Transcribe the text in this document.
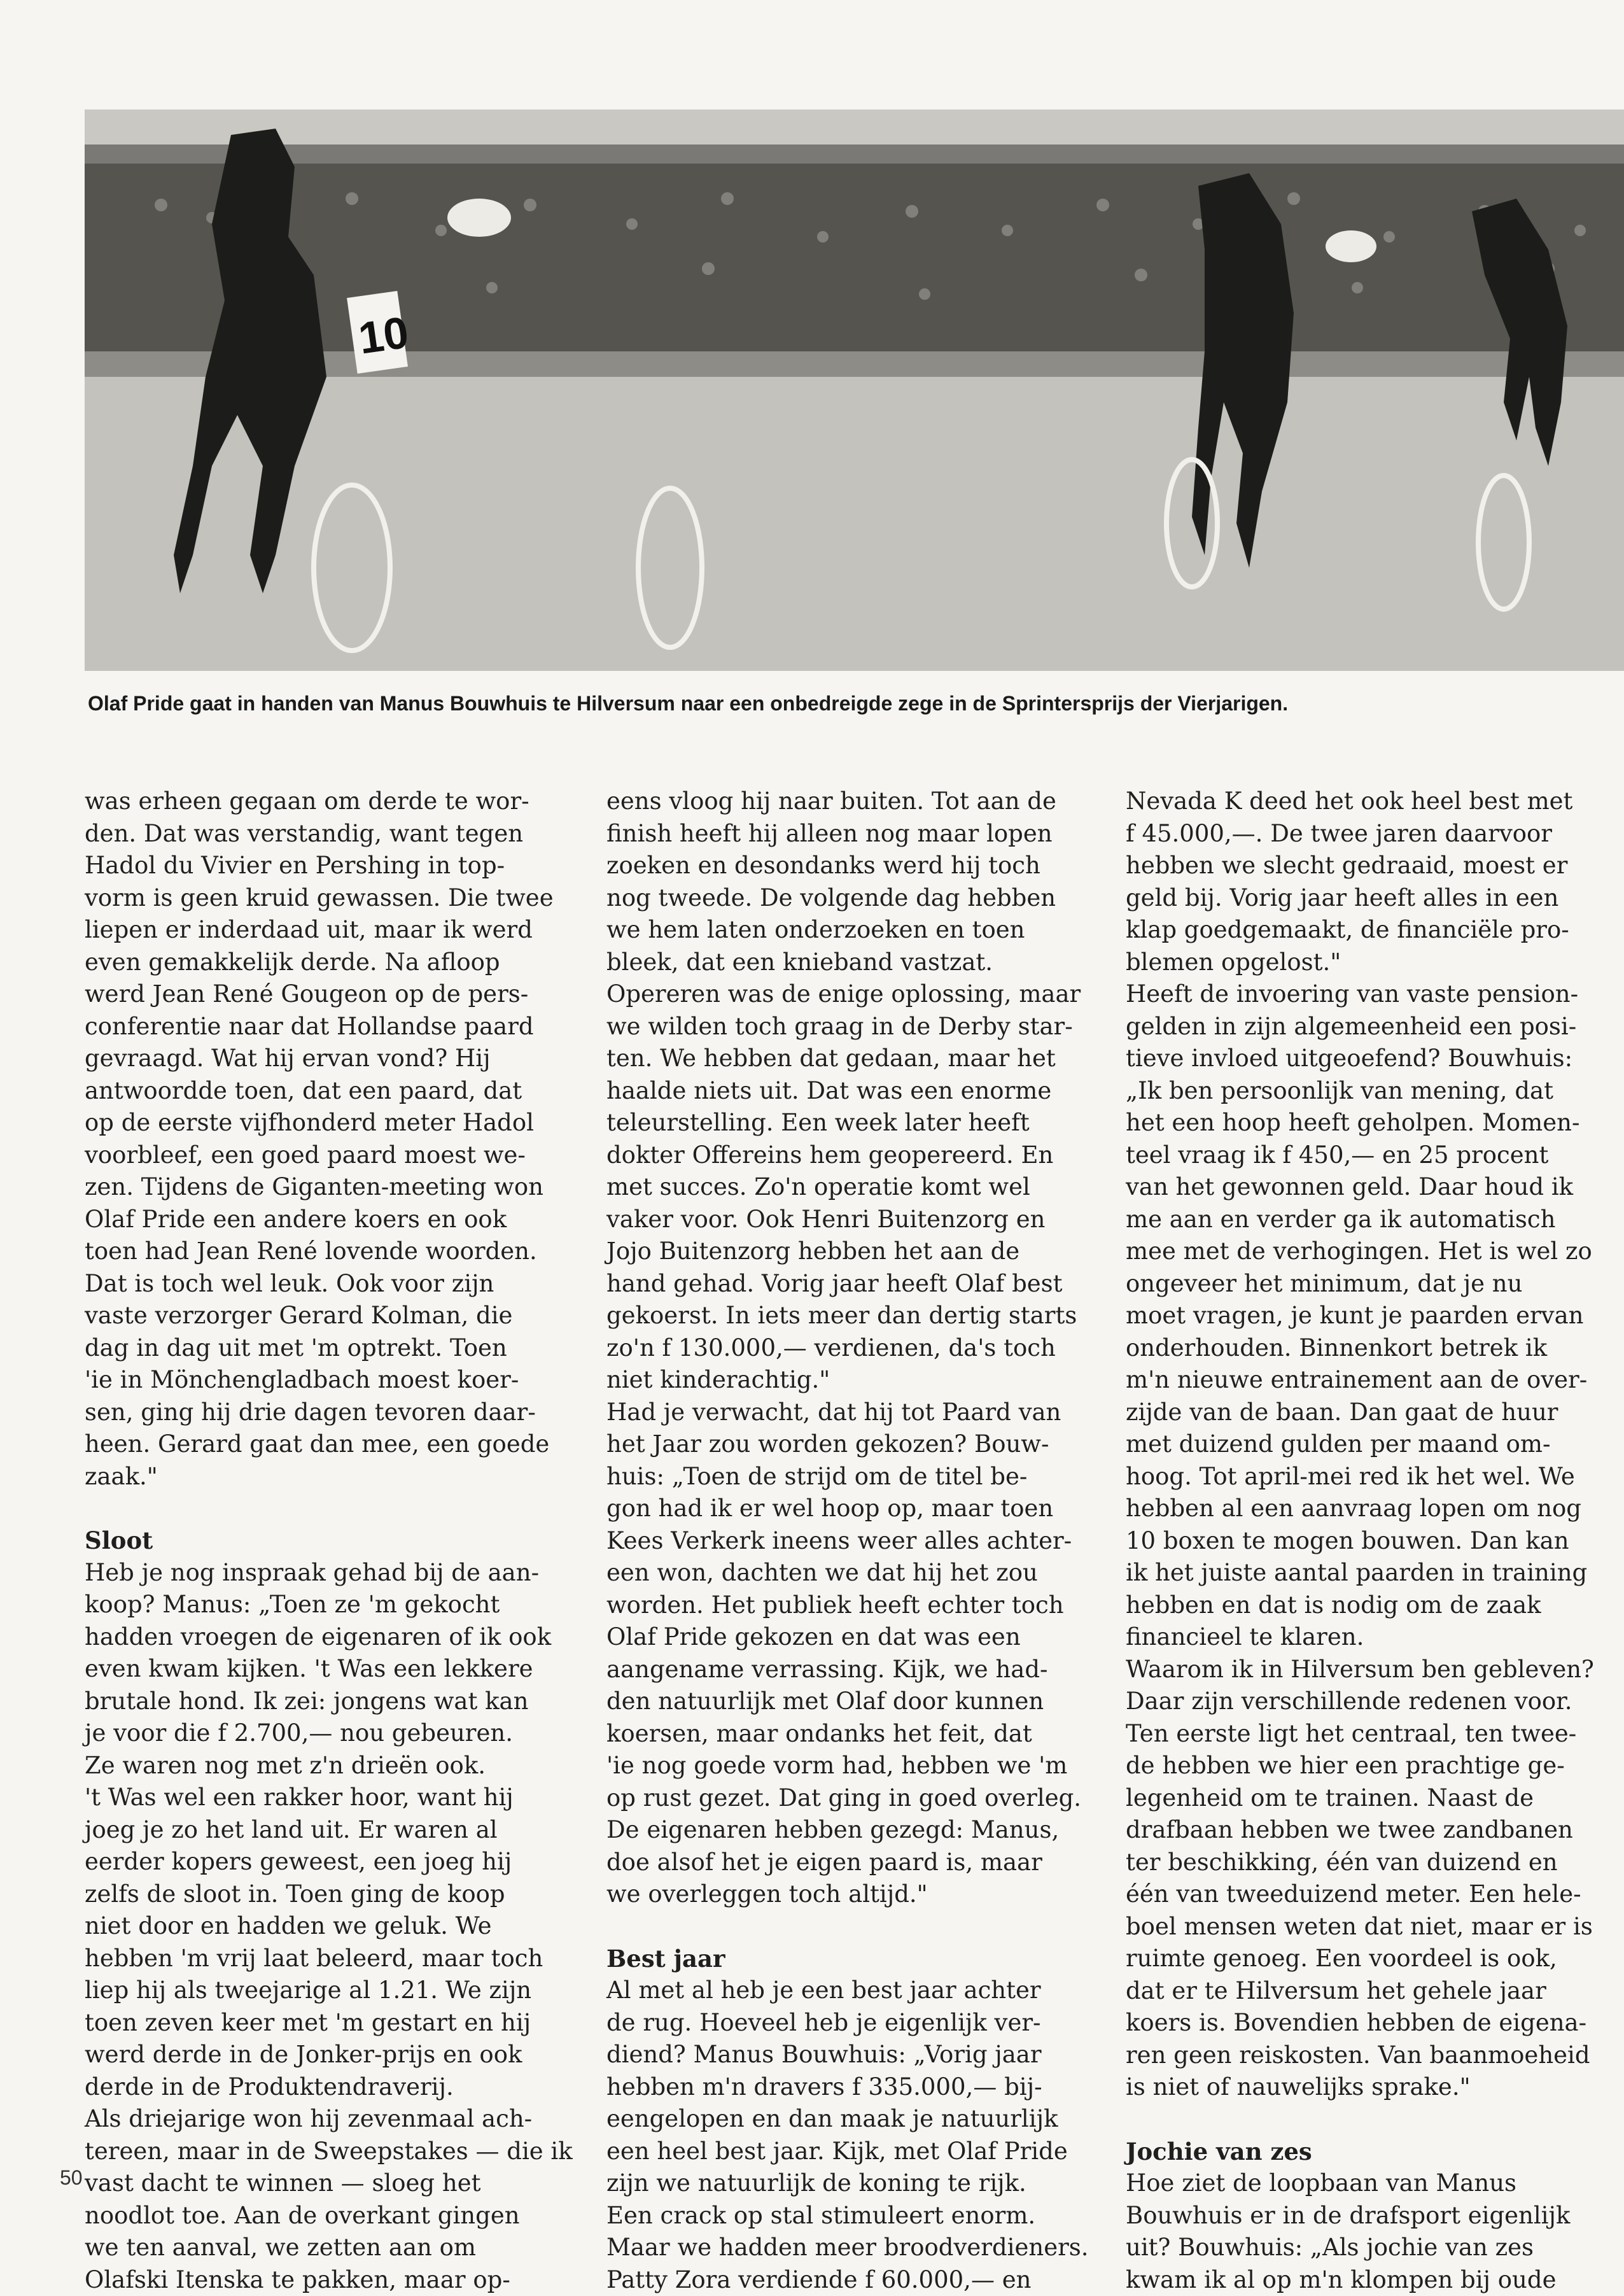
10
Olaf Pride gaat in handen van Manus Bouwhuis te Hilversum naar een onbedreigde zege in de Sprintersprijs der Vierjarigen.
was erheen gegaan om derde te wor-
den. Dat was verstandig, want tegen
Hadol du Vivier en Pershing in top-
vorm is geen kruid gewassen. Die twee
liepen er inderdaad uit, maar ik werd
even gemakkelijk derde. Na afloop
werd Jean René Gougeon op de pers-
conferentie naar dat Hollandse paard
gevraagd. Wat hij ervan vond? Hij
antwoordde toen, dat een paard, dat
op de eerste vijfhonderd meter Hadol
voorbleef, een goed paard moest we-
zen. Tijdens de Giganten-meeting won
Olaf Pride een andere koers en ook
toen had Jean René lovende woorden.
Dat is toch wel leuk. Ook voor zijn
vaste verzorger Gerard Kolman, die
dag in dag uit met 'm optrekt. Toen
'ie in Mönchengladbach moest koer-
sen, ging hij drie dagen tevoren daar-
heen. Gerard gaat dan mee, een goede
zaak."
Sloot
Heb je nog inspraak gehad bij de aan-
koop? Manus: „Toen ze 'm gekocht
hadden vroegen de eigenaren of ik ook
even kwam kijken. 't Was een lekkere
brutale hond. Ik zei: jongens wat kan
je voor die f 2.700,— nou gebeuren.
Ze waren nog met z'n drieën ook.
't Was wel een rakker hoor, want hij
joeg je zo het land uit. Er waren al
eerder kopers geweest, een joeg hij
zelfs de sloot in. Toen ging de koop
niet door en hadden we geluk. We
hebben 'm vrij laat beleerd, maar toch
liep hij als tweejarige al 1.21. We zijn
toen zeven keer met 'm gestart en hij
werd derde in de Jonker-prijs en ook
derde in de Produktendraverij.
Als driejarige won hij zevenmaal ach-
tereen, maar in de Sweepstakes — die ik
vast dacht te winnen — sloeg het
noodlot toe. Aan de overkant gingen
we ten aanval, we zetten aan om
Olafski Itenska te pakken, maar op-
eens vloog hij naar buiten. Tot aan de
finish heeft hij alleen nog maar lopen
zoeken en desondanks werd hij toch
nog tweede. De volgende dag hebben
we hem laten onderzoeken en toen
bleek, dat een knieband vastzat.
Opereren was de enige oplossing, maar
we wilden toch graag in de Derby star-
ten. We hebben dat gedaan, maar het
haalde niets uit. Dat was een enorme
teleurstelling. Een week later heeft
dokter Offereins hem geopereerd. En
met succes. Zo'n operatie komt wel
vaker voor. Ook Henri Buitenzorg en
Jojo Buitenzorg hebben het aan de
hand gehad. Vorig jaar heeft Olaf best
gekoerst. In iets meer dan dertig starts
zo'n f 130.000,— verdienen, da's toch
niet kinderachtig."
Had je verwacht, dat hij tot Paard van
het Jaar zou worden gekozen? Bouw-
huis: „Toen de strijd om de titel be-
gon had ik er wel hoop op, maar toen
Kees Verkerk ineens weer alles achter-
een won, dachten we dat hij het zou
worden. Het publiek heeft echter toch
Olaf Pride gekozen en dat was een
aangename verrassing. Kijk, we had-
den natuurlijk met Olaf door kunnen
koersen, maar ondanks het feit, dat
'ie nog goede vorm had, hebben we 'm
op rust gezet. Dat ging in goed overleg.
De eigenaren hebben gezegd: Manus,
doe alsof het je eigen paard is, maar
we overleggen toch altijd."
Best jaar
Al met al heb je een best jaar achter
de rug. Hoeveel heb je eigenlijk ver-
diend? Manus Bouwhuis: „Vorig jaar
hebben m'n dravers f 335.000,— bij-
eengelopen en dan maak je natuurlijk
een heel best jaar. Kijk, met Olaf Pride
zijn we natuurlijk de koning te rijk.
Een crack op stal stimuleert enorm.
Maar we hadden meer broodverdieners.
Patty Zora verdiende f 60.000,— en
Nevada K deed het ook heel best met
f 45.000,—. De twee jaren daarvoor
hebben we slecht gedraaid, moest er
geld bij. Vorig jaar heeft alles in een
klap goedgemaakt, de financiële pro-
blemen opgelost."
Heeft de invoering van vaste pension-
gelden in zijn algemeenheid een posi-
tieve invloed uitgeoefend? Bouwhuis:
„Ik ben persoonlijk van mening, dat
het een hoop heeft geholpen. Momen-
teel vraag ik f 450,— en 25 procent
van het gewonnen geld. Daar houd ik
me aan en verder ga ik automatisch
mee met de verhogingen. Het is wel zo
ongeveer het minimum, dat je nu
moet vragen, je kunt je paarden ervan
onderhouden. Binnenkort betrek ik
m'n nieuwe entrainement aan de over-
zijde van de baan. Dan gaat de huur
met duizend gulden per maand om-
hoog. Tot april-mei red ik het wel. We
hebben al een aanvraag lopen om nog
10 boxen te mogen bouwen. Dan kan
ik het juiste aantal paarden in training
hebben en dat is nodig om de zaak
financieel te klaren.
Waarom ik in Hilversum ben gebleven?
Daar zijn verschillende redenen voor.
Ten eerste ligt het centraal, ten twee-
de hebben we hier een prachtige ge-
legenheid om te trainen. Naast de
drafbaan hebben we twee zandbanen
ter beschikking, één van duizend en
één van tweeduizend meter. Een hele-
boel mensen weten dat niet, maar er is
ruimte genoeg. Een voordeel is ook,
dat er te Hilversum het gehele jaar
koers is. Bovendien hebben de eigena-
ren geen reiskosten. Van baanmoeheid
is niet of nauwelijks sprake."
Jochie van zes
Hoe ziet de loopbaan van Manus
Bouwhuis er in de drafsport eigenlijk
uit? Bouwhuis: „Als jochie van zes
kwam ik al op m'n klompen bij oude
50
